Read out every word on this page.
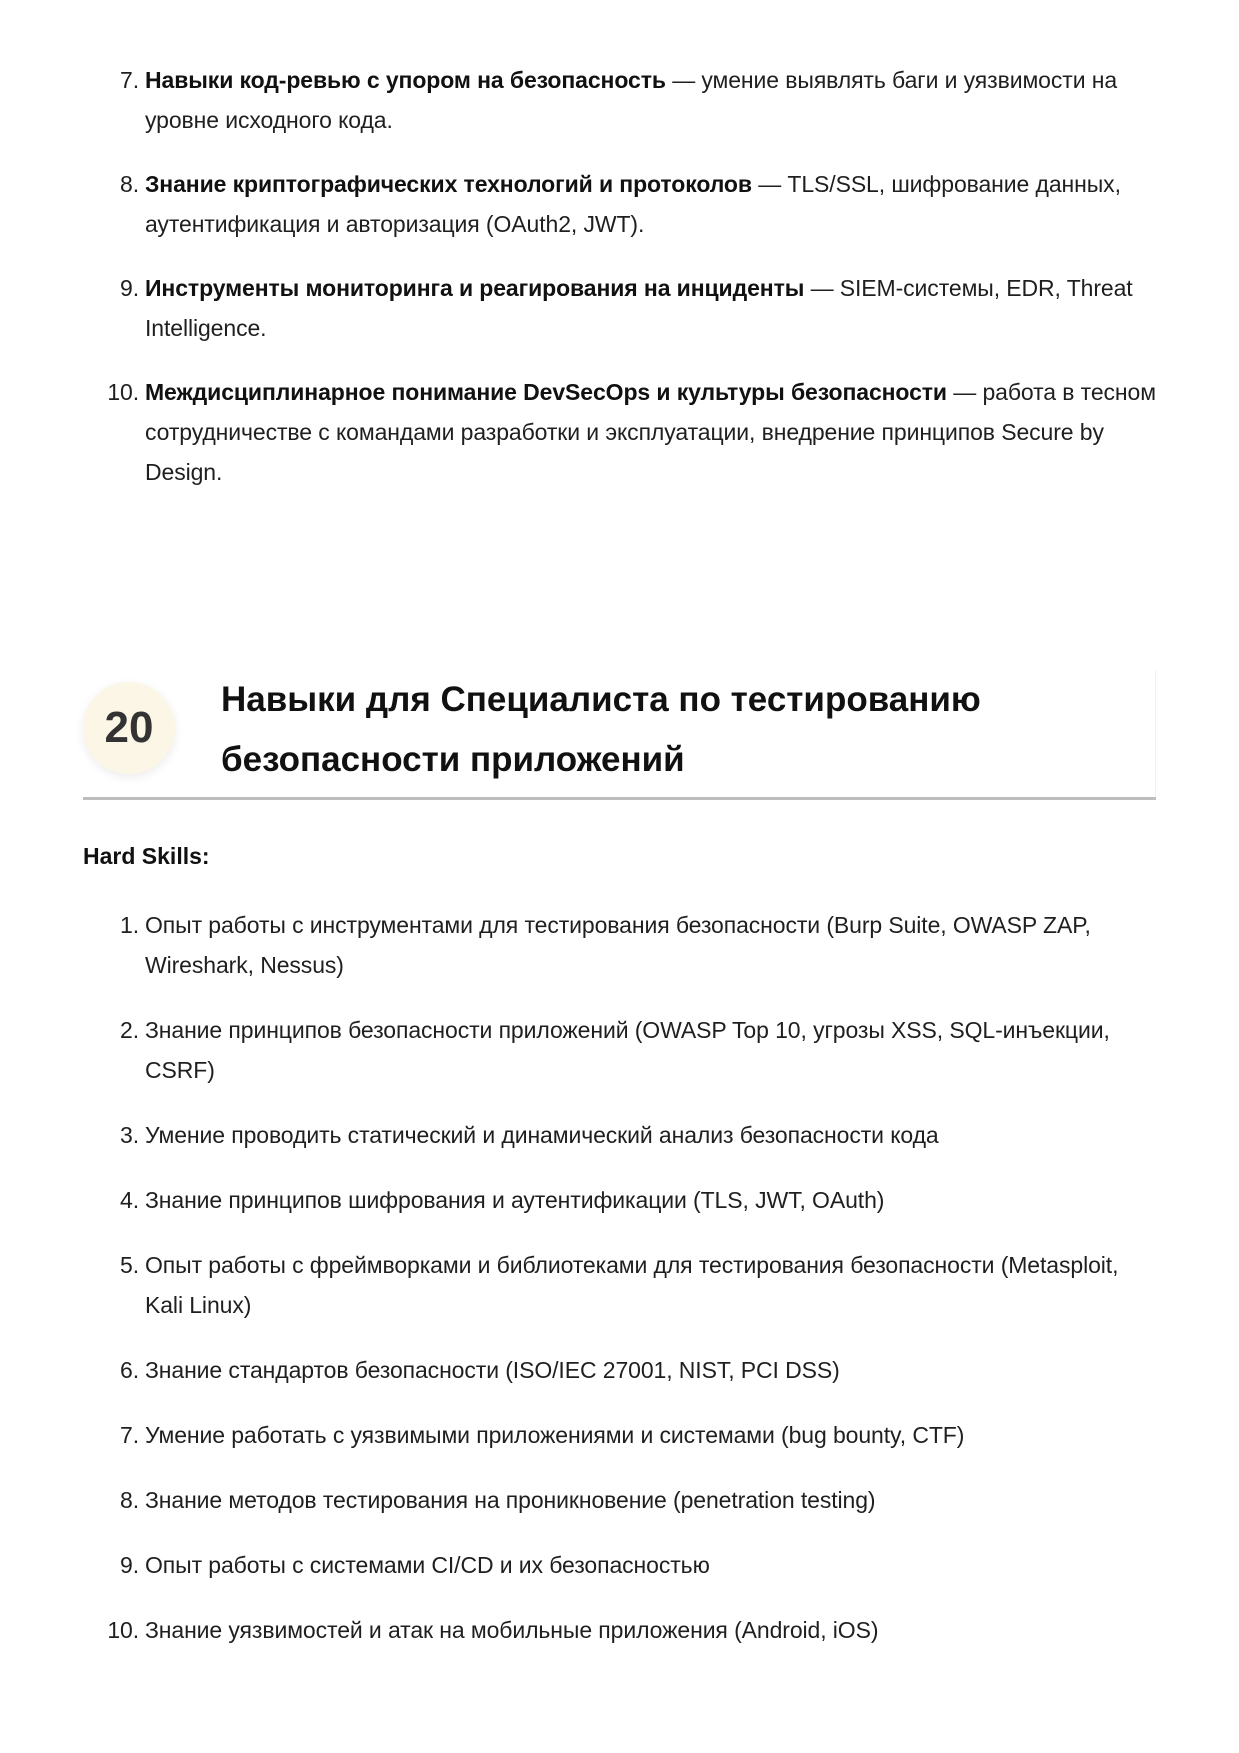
7. Навыки код-ревью с упором на безопасность — умение выявлять баги и уязвимости на уровне исходного кода.
8. Знание криптографических технологий и протоколов — TLS/SSL, шифрование данных, аутентификация и авторизация (OAuth2, JWT).
9. Инструменты мониторинга и реагирования на инциденты — SIEM-системы, EDR, Threat Intelligence.
10. Междисциплинарное понимание DevSecOps и культуры безопасности — работа в тесном сотрудничестве с командами разработки и эксплуатации, внедрение принципов Secure by Design.
20
Навыки для Специалиста по тестированию безопасности приложений
Hard Skills:
1. Опыт работы с инструментами для тестирования безопасности (Burp Suite, OWASP ZAP, Wireshark, Nessus)
2. Знание принципов безопасности приложений (OWASP Top 10, угрозы XSS, SQL-инъекции, CSRF)
3. Умение проводить статический и динамический анализ безопасности кода
4. Знание принципов шифрования и аутентификации (TLS, JWT, OAuth)
5. Опыт работы с фреймворками и библиотеками для тестирования безопасности (Metasploit, Kali Linux)
6. Знание стандартов безопасности (ISO/IEC 27001, NIST, PCI DSS)
7. Умение работать с уязвимыми приложениями и системами (bug bounty, CTF)
8. Знание методов тестирования на проникновение (penetration testing)
9. Опыт работы с системами CI/CD и их безопасностью
10. Знание уязвимостей и атак на мобильные приложения (Android, iOS)
